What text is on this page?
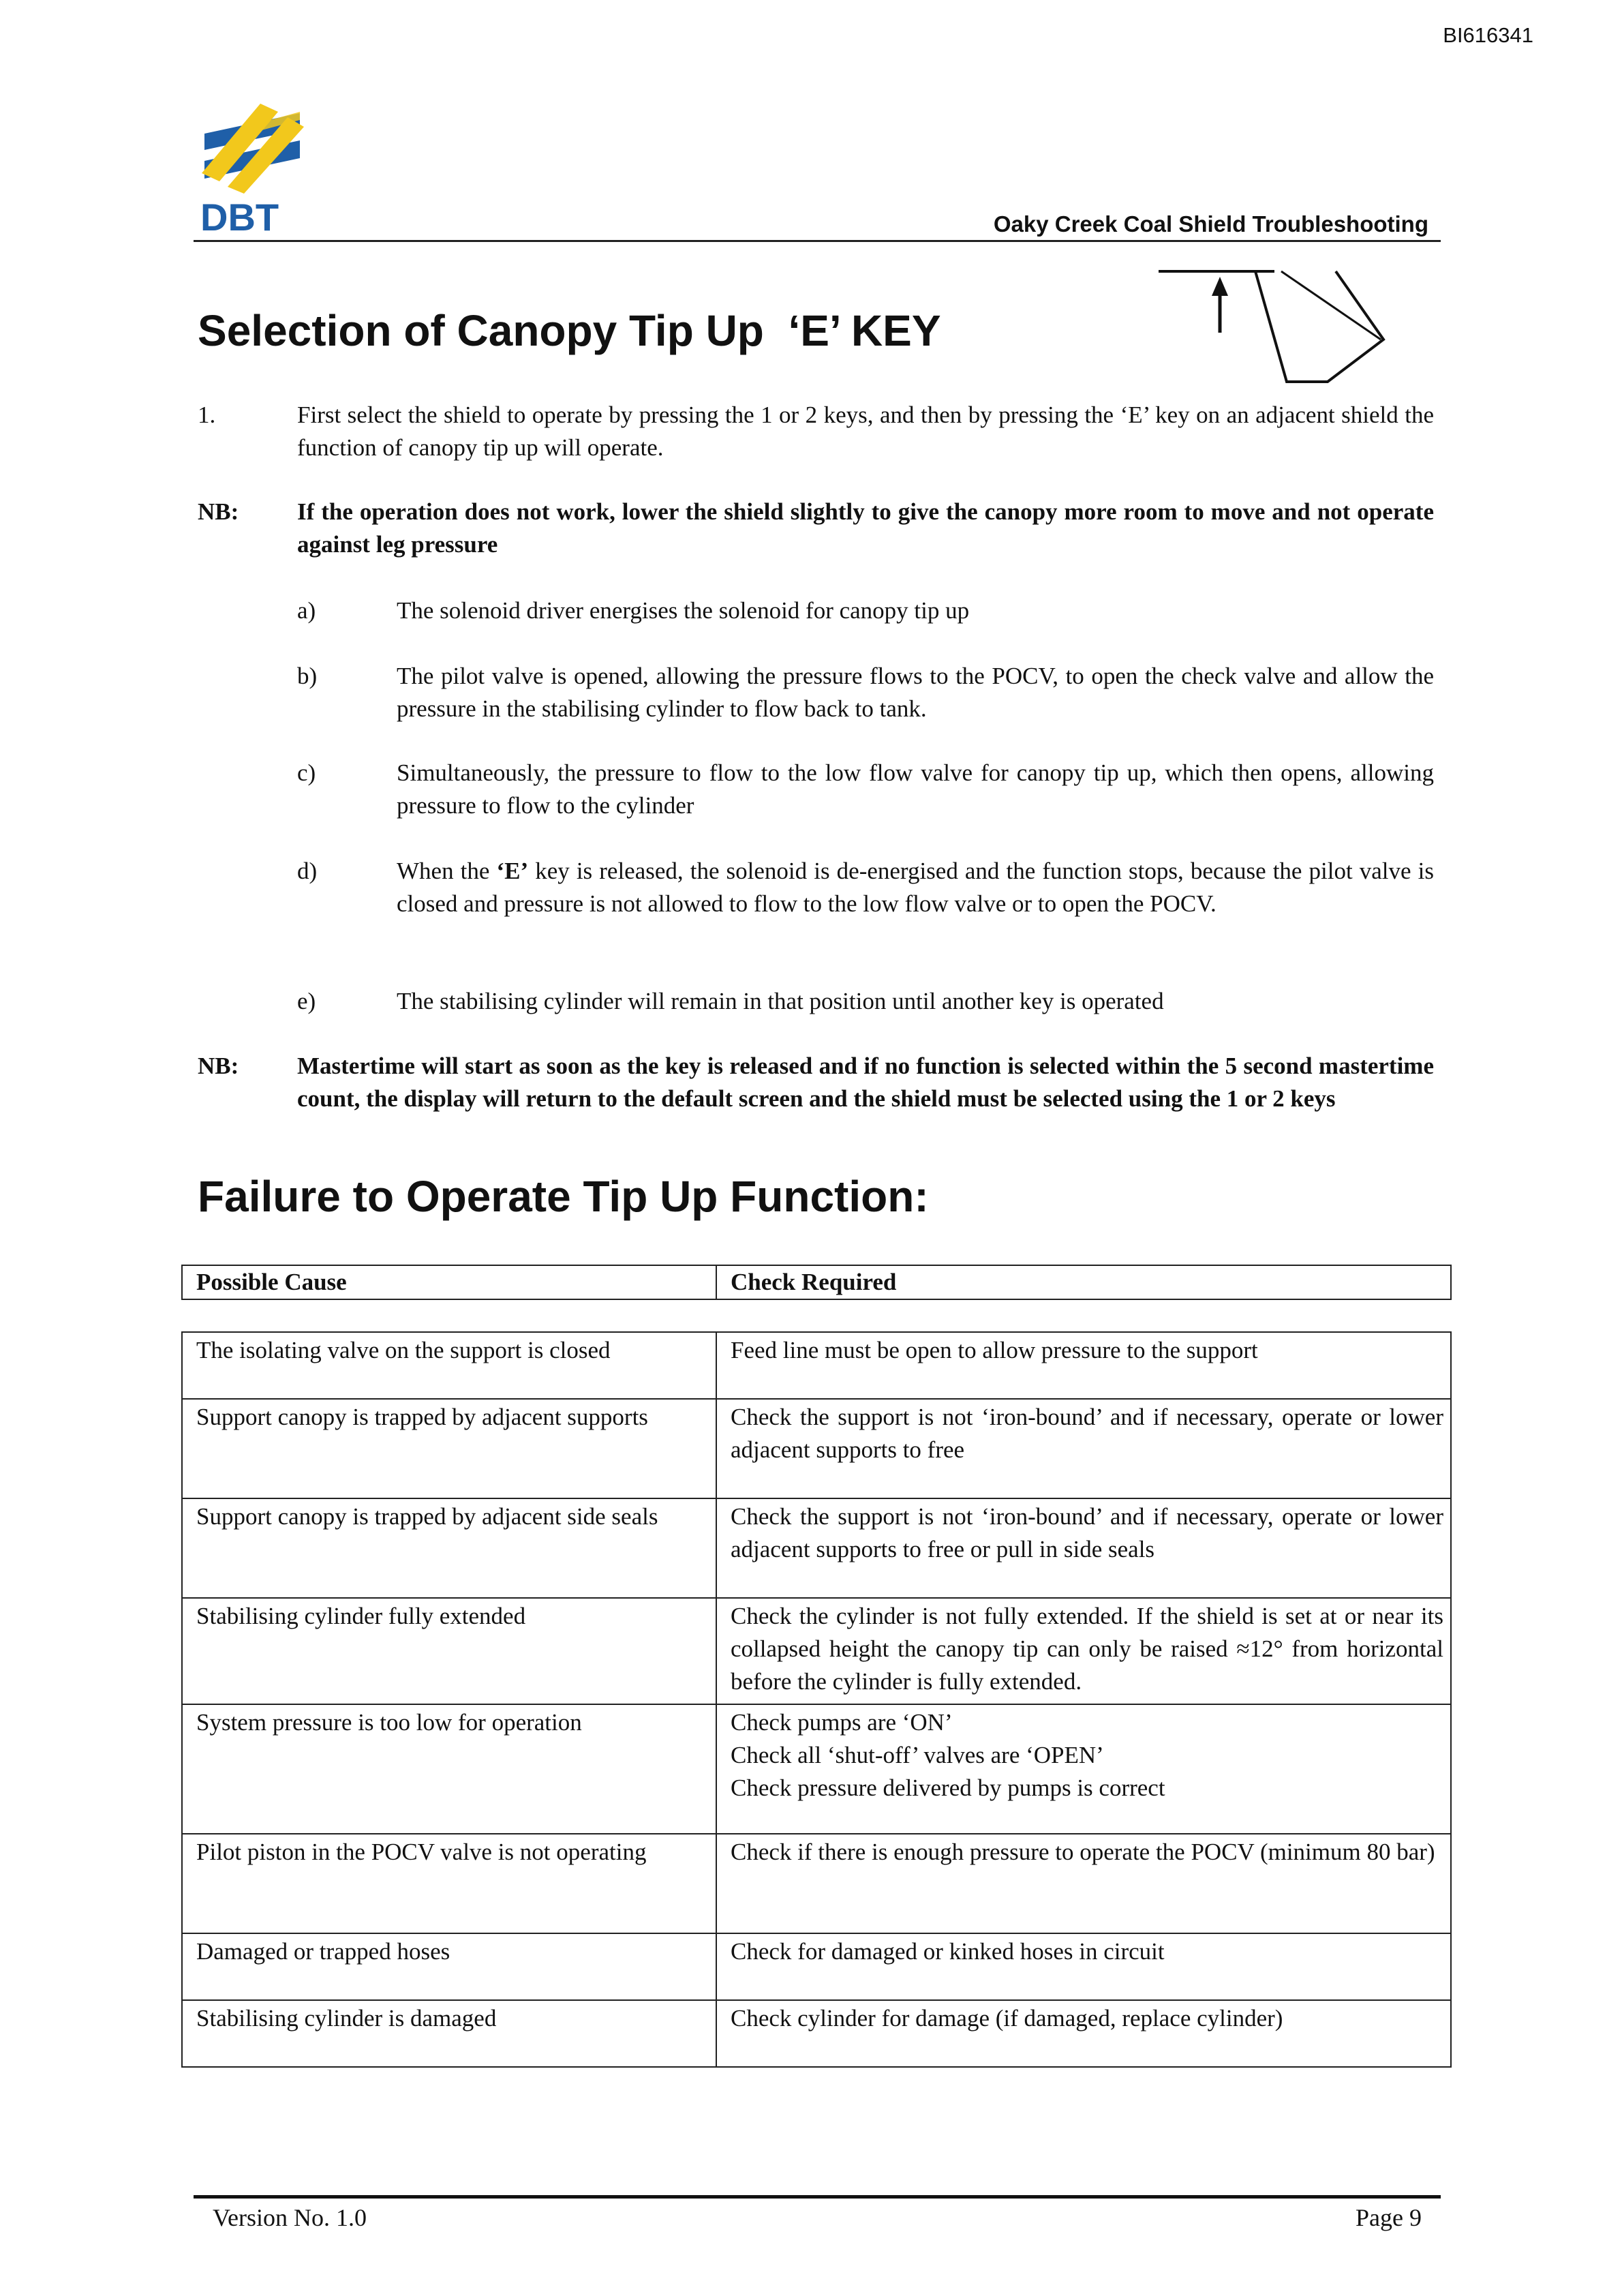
BI616341
DBT	Oaky Creek Coal Shield Troubleshooting
Selection of Canopy Tip Up  ‘E’ KEY
1.	First select the shield to operate by pressing the 1 or 2 keys, and then by pressing the ‘E’ key on an adjacent shield the function of canopy tip up will operate.
NB: If the operation does not work, lower the shield slightly to give the canopy more room to move and not operate against leg pressure
a)	The solenoid driver energises the solenoid for canopy tip up
b)	The pilot valve is opened, allowing the pressure flows to the POCV, to open the check valve and allow the pressure in the stabilising cylinder to flow back to tank.
c)	Simultaneously, the pressure to flow to the low flow valve for canopy tip up, which then opens, allowing pressure to flow to the cylinder
d)	When the ‘E’ key is released, the solenoid is de-energised and the function stops, because the pilot valve is closed and pressure is not allowed to flow to the low flow valve or to open the POCV.
e)	The stabilising cylinder will remain in that position until another key is operated
NB: Mastertime will start as soon as the key is released and if no function is selected within the 5 second mastertime count, the display will return to the default screen and the shield must be selected using the 1 or 2 keys
Failure to Operate Tip Up Function:
Possible Cause	Check Required

The isolating valve on the support is closed	Feed line must be open to allow pressure to the support
Support canopy is trapped by adjacent supports	Check the support is not ‘iron-bound’ and if necessary, operate or lower adjacent supports to free
Support canopy is trapped by adjacent side seals	Check the support is not ‘iron-bound’ and if necessary, operate or lower adjacent supports to free or pull in side seals
Stabilising cylinder fully extended	Check the cylinder is not fully extended. If the shield is set at or near its collapsed height the canopy tip can only be raised ≈12° from horizontal before the cylinder is fully extended.
System pressure is too low for operation	Check pumps are ‘ON’
Check all ‘shut-off’ valves are ‘OPEN’
Check pressure delivered by pumps is correct

Pilot piston in the POCV valve is not operating	Check if there is enough pressure to operate the POCV (minimum 80 bar)
Damaged or trapped hoses	Check for damaged or kinked hoses in circuit
Stabilising cylinder is damaged	Check cylinder for damage (if damaged, replace cylinder)
Version No. 1.0	Page 9
